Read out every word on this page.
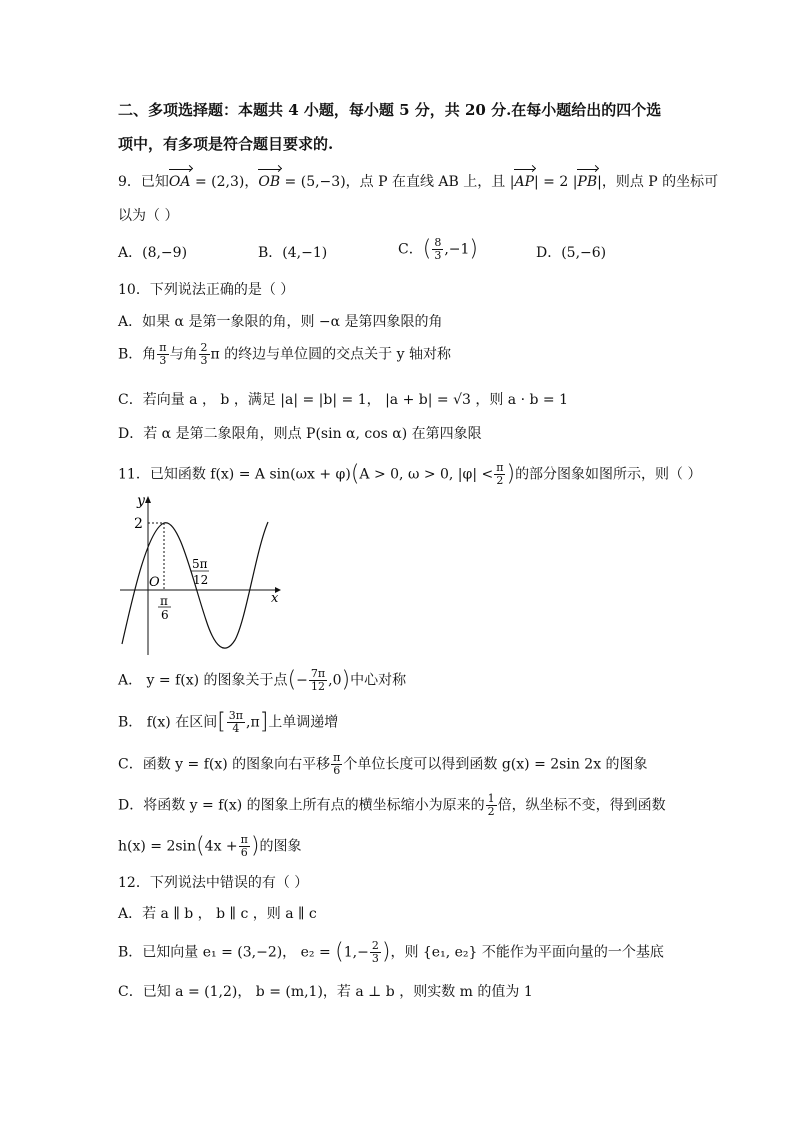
二、多项选择题：本题共 4 小题，每小题 5 分，共 20 分.在每小题给出的四个选
项中，有多项是符合题目要求的.
9．已知OA = (2,3)，OB = (5,−3)，点 P 在直线 AB 上，且 |AP| = 2 |PB|，则点 P 的坐标可
以为（ ）
A．(8,−9)	B．(4,−1)	C．( $\frac{8}{3} ,-1$)	D．(5,−6)
10．下列说法正确的是（ ）
A．如果 α 是第一象限的角，则 −α 是第四象限的角
B．角 $\frac{\pi}{3}$ 与角 $\frac{2}{3}$ π 的终边与单位圆的交点关于 y 轴对称
C．若向量 a ， b ，满足 |a| = |b| = 1， |a + b| = √3 ，则 a · b = 1
D．若 α 是第二象限角，则点 P(sin α, cos α) 在第四象限
11．已知函数 f(x) = A sin(ωx + φ)(A > 0, ω > 0, $|\varphi| < \frac{\pi}{2}$ )的部分图象如图所示，则（ ）
y
x
O
2
π
6
5π
12
A． y = f(x) 的图象关于点(− $\frac{7\pi}{12} ,0$)中心对称
B． f(x) 在区间[ $\frac{3\pi}{4} ,\pi$]上单调递增
C．函数 y = f(x) 的图象向右平移 $\frac{\pi}{6}$ 个单位长度可以得到函数 g(x) = 2sin 2x 的图象
D．将函数 y = f(x) 的图象上所有点的横坐标缩小为原来的 $\frac{1}{2}$ 倍，纵坐标不变，得到函数
$h(x) = 2\sin(4x + \frac{\pi}{6}$ )的图象
12．下列说法中错误的有（ ）
A．若 a ∥ b ， b ∥ c ，则 a ∥ c
B．已知向量 e₁ = (3,−2)， $e_2 = (1,- \frac{2}{3}$ )，则 {e₁, e₂} 不能作为平面向量的一个基底
C．已知 a = (1,2)， b = (m,1)，若 a ⊥ b ，则实数 m 的值为 1
